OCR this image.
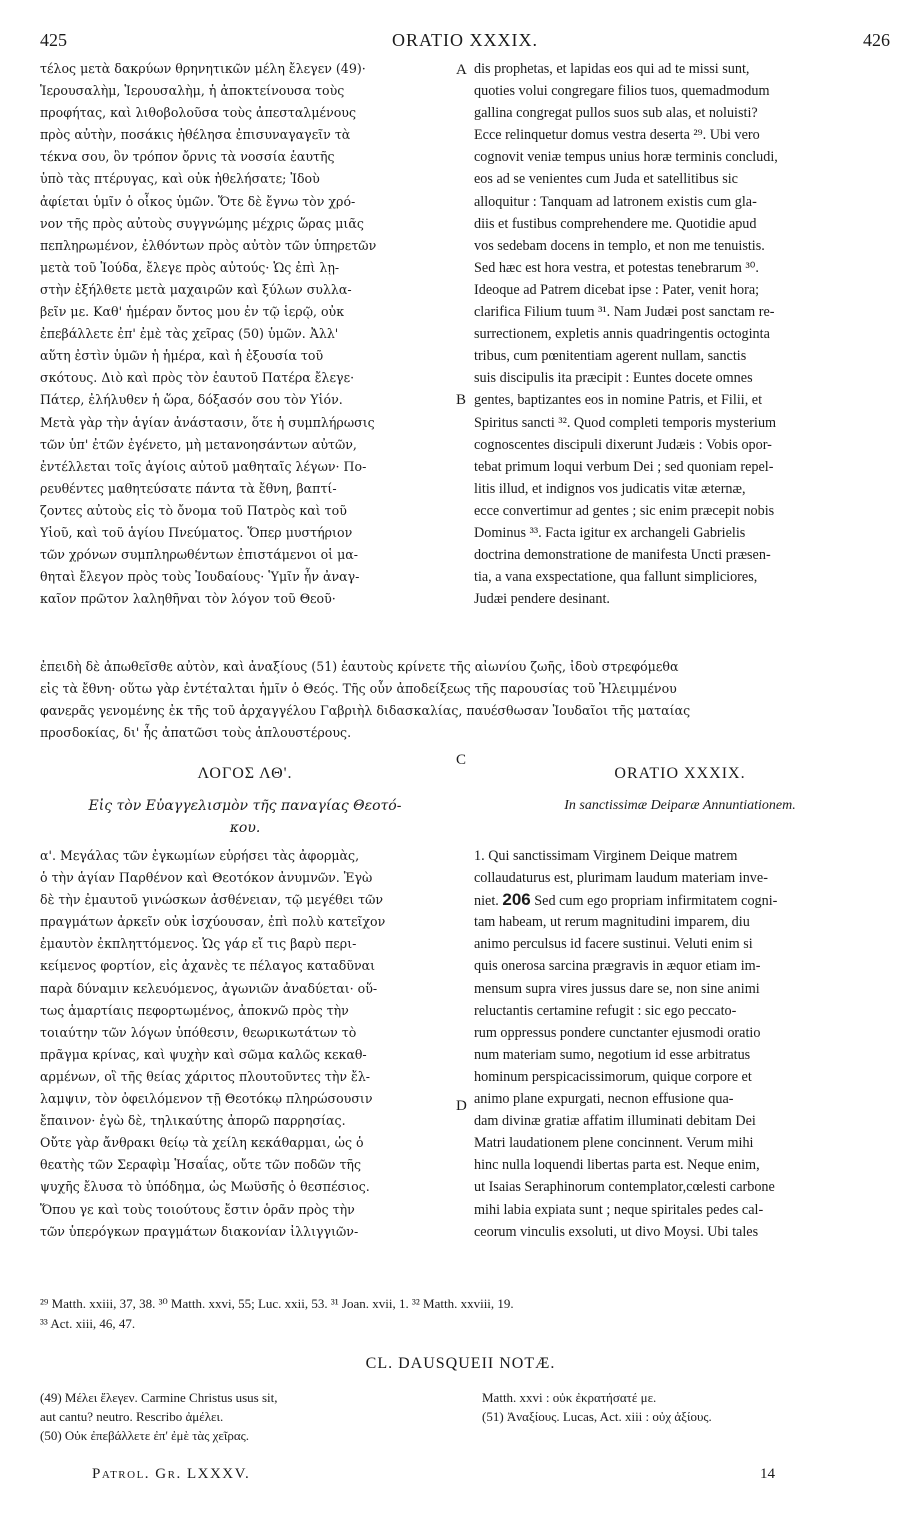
425	ORATIO XXXIX.	426
τέλος μετὰ δακρύων θρηνητικῶν μέλη ἔλεγεν (49)·
Ἱερουσαλὴμ, Ἱερουσαλὴμ, ἡ ἀποκτείνουσα τοὺς
προφήτας, καὶ λιθοβολοῦσα τοὺς ἀπεσταλμένους
πρὸς αὐτὴν, ποσάκις ἠθέλησα ἐπισυναγαγεῖν τὰ
τέκνα σου, ὃν τρόπον ὄρνις τὰ νοσσία ἑαυτῆς
ὑπὸ τὰς πτέρυγας, καὶ οὐκ ἠθελήσατε; Ἰδοὺ
ἀφίεται ὑμῖν ὁ οἶκος ὑμῶν. Ὅτε δὲ ἔγνω τὸν χρό-
νον τῆς πρὸς αὐτοὺς συγγνώμης μέχρις ὥρας μιᾶς
πεπληρωμένον, ἐλθόντων πρὸς αὐτὸν τῶν ὑπηρετῶν
μετὰ τοῦ Ἰούδα, ἔλεγε πρὸς αὐτούς· Ὡς ἐπὶ λῃ-
στὴν ἐξήλθετε μετὰ μαχαιρῶν καὶ ξύλων συλλα-
βεῖν με. Καθ' ἡμέραν ὄντος μου ἐν τῷ ἱερῷ, οὐκ
ἐπεβάλλετε ἐπ' ἐμὲ τὰς χεῖρας (50) ὑμῶν. Ἀλλ'
αὕτη ἐστὶν ὑμῶν ἡ ἡμέρα, καὶ ἡ ἐξουσία τοῦ
σκότους. Διὸ καὶ πρὸς τὸν ἑαυτοῦ Πατέρα ἔλεγε·
Πάτερ, ἐλήλυθεν ἡ ὥρα, δόξασόν σου τὸν Υἱόν.
Μετὰ γὰρ τὴν ἁγίαν ἀνάστασιν, ὅτε ἡ συμπλήρωσις
τῶν ὑπ' ἐτῶν ἐγένετο, μὴ μετανοησάντων αὐτῶν,
ἐντέλλεται τοῖς ἁγίοις αὐτοῦ μαθηταῖς λέγων· Πο-
ρευθέντες μαθητεύσατε πάντα τὰ ἔθνη, βαπτί-
ζοντες αὐτοὺς εἰς τὸ ὄνομα τοῦ Πατρὸς καὶ τοῦ
Υἱοῦ, καὶ τοῦ ἁγίου Πνεύματος. Ὅπερ μυστήριον
τῶν χρόνων συμπληρωθέντων ἐπιστάμενοι οἱ μα-
θηταὶ ἔλεγον πρὸς τοὺς Ἰουδαίους· Ὑμῖν ἦν ἀναγ-
καῖον πρῶτον λαληθῆναι τὸν λόγον τοῦ Θεοῦ·
dis prophetas, et lapidas eos qui ad te missi sunt,
quoties volui congregare filios tuos, quemadmodum
gallina congregat pullos suos sub alas, et noluisti?
Ecce relinquetur domus vestra deserta ²⁹. Ubi vero
cognovit veniæ tempus unius horæ terminis concludi,
eos ad se venientes cum Juda et satellitibus sic
alloquitur : Tanquam ad latronem existis cum gla-
diis et fustibus comprehendere me. Quotidie apud
vos sedebam docens in templo, et non me tenuistis.
Sed hæc est hora vestra, et potestas tenebrarum ³⁰.
Ideoque ad Patrem dicebat ipse : Pater, venit hora;
clarifica Filium tuum ³¹. Nam Judæi post sanctam re-
surrectionem, expletis annis quadringentis octoginta
tribus, cum pœnitentiam agerent nullam, sanctis
suis discipulis ita præcipit : Euntes docete omnes
gentes, baptizantes eos in nomine Patris, et Filii, et
Spiritus sancti ³². Quod completi temporis mysterium
cognoscentes discipuli dixerunt Judæis : Vobis opor-
tebat primum loqui verbum Dei ; sed quoniam repel-
litis illud, et indignos vos judicatis vitæ æternæ,
ecce convertimur ad gentes ; sic enim præcepit nobis
Dominus ³³. Facta igitur ex archangeli Gabrielis
doctrina demonstratione de manifesta Uncti præsen-
tia, a vana exspectatione, qua fallunt simpliciores,
Judæi pendere desinant.
A
B
C
D
ἐπειδὴ δὲ ἀπωθεῖσθε αὐτὸν, καὶ ἀναξίους (51) ἑαυτοὺς κρίνετε τῆς αἰωνίου ζωῆς, ἰδοὺ στρεφόμεθα
εἰς τὰ ἔθνη· οὕτω γὰρ ἐντέταλται ἡμῖν ὁ Θεός. Τῆς οὖν ἀποδείξεως τῆς παρουσίας τοῦ Ἠλειμμένου
φανερᾶς γενομένης ἐκ τῆς τοῦ ἀρχαγγέλου Γαβριὴλ διδασκαλίας, παυέσθωσαν Ἰουδαῖοι τῆς ματαίας
προσδοκίας, δι' ἧς ἀπατῶσι τοὺς ἁπλουστέρους.
ΛΟΓΟΣ ΛΘ'.
Εἰς τὸν Εὐαγγελισμὸν τῆς παναγίας Θεοτό-
κου.
ORATIO XXXIX.
In sanctissimæ Deiparæ Annuntiationem.
α'. Μεγάλας τῶν ἐγκωμίων εὑρήσει τὰς ἀφορμὰς,
ὁ τὴν ἁγίαν Παρθένον καὶ Θεοτόκον ἀνυμνῶν. Ἐγὼ
δὲ τὴν ἐμαυτοῦ γινώσκων ἀσθένειαν, τῷ μεγέθει τῶν
πραγμάτων ἀρκεῖν οὐκ ἰσχύουσαν, ἐπὶ πολὺ κατεῖχον
ἐμαυτὸν ἐκπληττόμενος. Ὡς γάρ εἴ τις βαρὺ περι-
κείμενος φορτίον, εἰς ἀχανὲς τε πέλαγος καταδῦναι
παρὰ δύναμιν κελευόμενος, ἀγωνιῶν ἀναδύεται· οὕ-
τως ἁμαρτίαις πεφορτωμένος, ἀποκνῶ πρὸς τὴν
τοιαύτην τῶν λόγων ὑπόθεσιν, θεωρικωτάτων τὸ
πρᾶγμα κρίνας, καὶ ψυχὴν καὶ σῶμα καλῶς κεκαθ-
αρμένων, οἳ τῆς θείας χάριτος πλουτοῦντες τὴν ἔλ-
λαμψιν, τὸν ὀφειλόμενον τῇ Θεοτόκῳ πληρώσουσιν
ἔπαινον· ἐγὼ δὲ, τηλικαύτης ἀπορῶ παρρησίας.
Οὔτε γὰρ ἄνθρακι θείῳ τὰ χείλη κεκάθαρμαι, ὡς ὁ
θεατὴς τῶν Σεραφὶμ Ἡσαΐας, οὔτε τῶν ποδῶν τῆς
ψυχῆς ἔλυσα τὸ ὑπόδημα, ὡς Μωϋσῆς ὁ θεσπέσιος.
Ὅπου γε καὶ τοὺς τοιούτους ἔστιν ὁρᾶν πρὸς τὴν
τῶν ὑπερόγκων πραγμάτων διακονίαν ἰλλιγγιῶν-
1. Qui sanctissimam Virginem Deique matrem
collaudaturus est, plurimam laudum materiam inve-
niet. 206 Sed cum ego propriam infirmitatem cogni-
tam habeam, ut rerum magnitudini imparem, diu
animo perculsus id facere sustinui. Veluti enim si
quis onerosa sarcina prægravis in æquor etiam im-
mensum supra vires jussus dare se, non sine animi
reluctantis certamine refugit : sic ego peccato-
rum oppressus pondere cunctanter ejusmodi oratio
num materiam sumo, negotium id esse arbitratus
hominum perspicacissimorum, quique corpore et
animo plane expurgati, necnon effusione qua-
dam divinæ gratiæ affatim illuminati debitam Dei
Matri laudationem plene concinnent. Verum mihi
hinc nulla loquendi libertas parta est. Neque enim,
ut Isaias Seraphinorum contemplator,cœlesti carbone
mihi labia expiata sunt ; neque spiritales pedes cal-
ceorum vinculis exsoluti, ut divo Moysi. Ubi tales
²⁹ Matth. xxiii, 37, 38. ³⁰ Matth. xxvi, 55; Luc. xxii, 53. ³¹ Joan. xvii, 1. ³² Matth. xxviii, 19.
³³ Act. xiii, 46, 47.
CL. DAUSQUEII NOTÆ.
(49) Μέλει ἔλεγεν. Carmine Christus usus sit,
aut cantu? neutro. Rescribo ἀμέλει.
(50) Οὐκ ἐπεβάλλετε ἐπ' ἐμὲ τὰς χεῖρας.
Matth. xxvi : οὐκ ἐκρατήσατέ με.
(51) Ἀναξίους. Lucas, Act. xiii : οὐχ ἀξίους.
Patrol. Gr. LXXXV.	14
